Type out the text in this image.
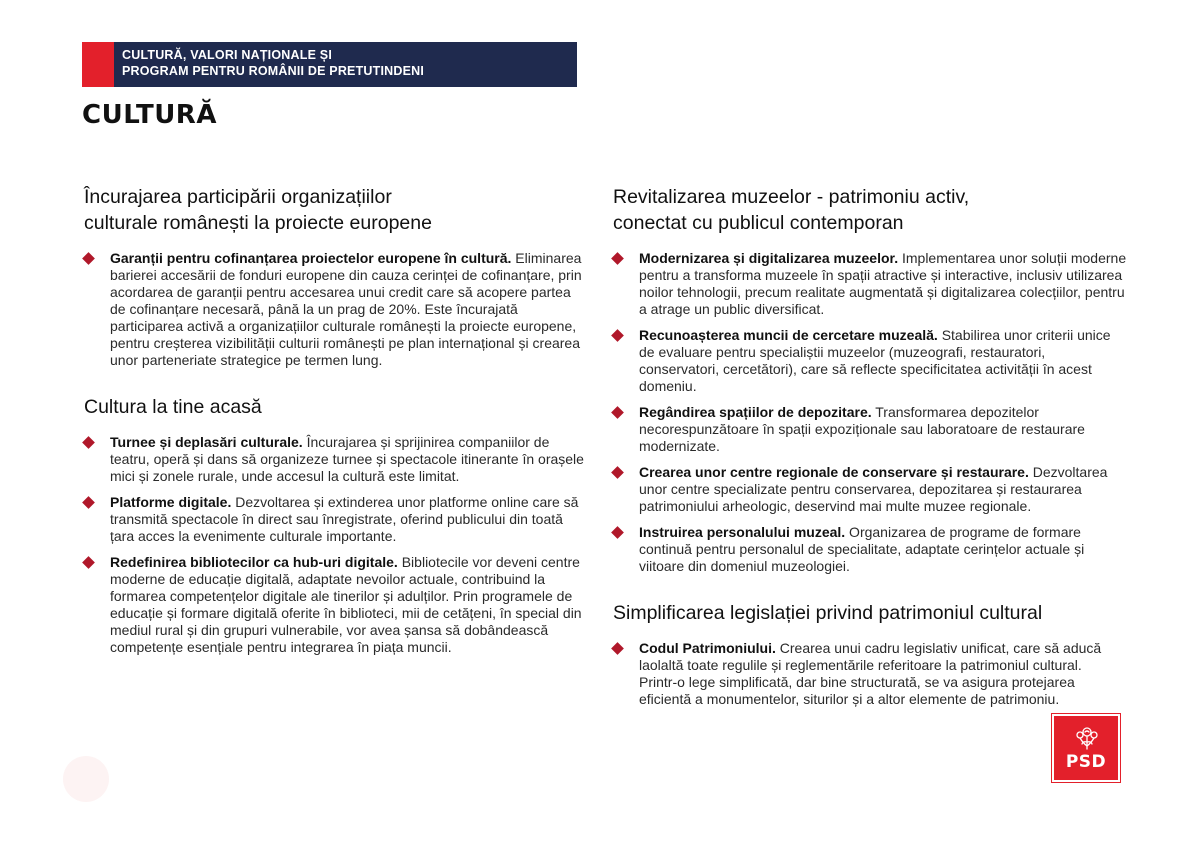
CULTURĂ, VALORI NAȚIONALE ȘI
PROGRAM PENTRU ROMÂNII DE PRETUTINDENI
CULTURĂ
Încurajarea participării organizațiilor
culturale românești la proiecte europene
Garanții pentru cofinanțarea proiectelor europene în cultură. Eliminarea barierei accesării de fonduri europene din cauza cerinței de cofinanțare, prin acordarea de garanții pentru accesarea unui credit care să acopere partea de cofinanțare necesară, până la un prag de 20%. Este încurajată participarea activă a organizațiilor culturale românești la proiecte europene, pentru creșterea vizibilității culturii românești pe plan internațional și crearea unor parteneriate strategice pe termen lung.
Cultura la tine acasă
Turnee și deplasări culturale. Încurajarea și sprijinirea companiilor de teatru, operă și dans să organizeze turnee și spectacole itinerante în orașele mici și zonele rurale, unde accesul la cultură este limitat.
Platforme digitale. Dezvoltarea și extinderea unor platforme online care să transmită spectacole în direct sau înregistrate, oferind publicului din toată țara acces la evenimente culturale importante.
Redefinirea bibliotecilor ca hub-uri digitale. Bibliotecile vor deveni centre moderne de educație digitală, adaptate nevoilor actuale, contribuind la formarea competențelor digitale ale tinerilor și adulților. Prin programele de educație și formare digitală oferite în biblioteci, mii de cetățeni, în special din mediul rural și din grupuri vulnerabile, vor avea șansa să dobândească competențe esențiale pentru integrarea în piața muncii.
Revitalizarea muzeelor - patrimoniu activ,
conectat cu publicul contemporan
Modernizarea și digitalizarea muzeelor. Implementarea unor soluții moderne pentru a transforma muzeele în spații atractive și interactive, inclusiv utilizarea noilor tehnologii, precum realitate augmentată și digitalizarea colecțiilor, pentru a atrage un public diversificat.
Recunoașterea muncii de cercetare muzeală. Stabilirea unor criterii unice de evaluare pentru specialiștii muzeelor (muzeografi, restauratori, conservatori, cercetători), care să reflecte specificitatea activității în acest domeniu.
Regândirea spațiilor de depozitare. Transformarea depozitelor necorespunzătoare în spații expoziționale sau laboratoare de restaurare modernizate.
Crearea unor centre regionale de conservare și restaurare. Dezvoltarea unor centre specializate pentru conservarea, depozitarea și restaurarea patrimoniului arheologic, deservind mai multe muzee regionale.
Instruirea personalului muzeal. Organizarea de programe de formare continuă pentru personalul de specialitate, adaptate cerințelor actuale și viitoare din domeniul muzeologiei.
Simplificarea legislației privind patrimoniul cultural
Codul Patrimoniului. Crearea unui cadru legislativ unificat, care să aducă laolaltă toate regulile și reglementările referitoare la patrimoniul cultural. Printr-o lege simplificată, dar bine structurată, se va asigura protejarea eficientă a monumentelor, siturilor și a altor elemente de patrimoniu.
PSD
